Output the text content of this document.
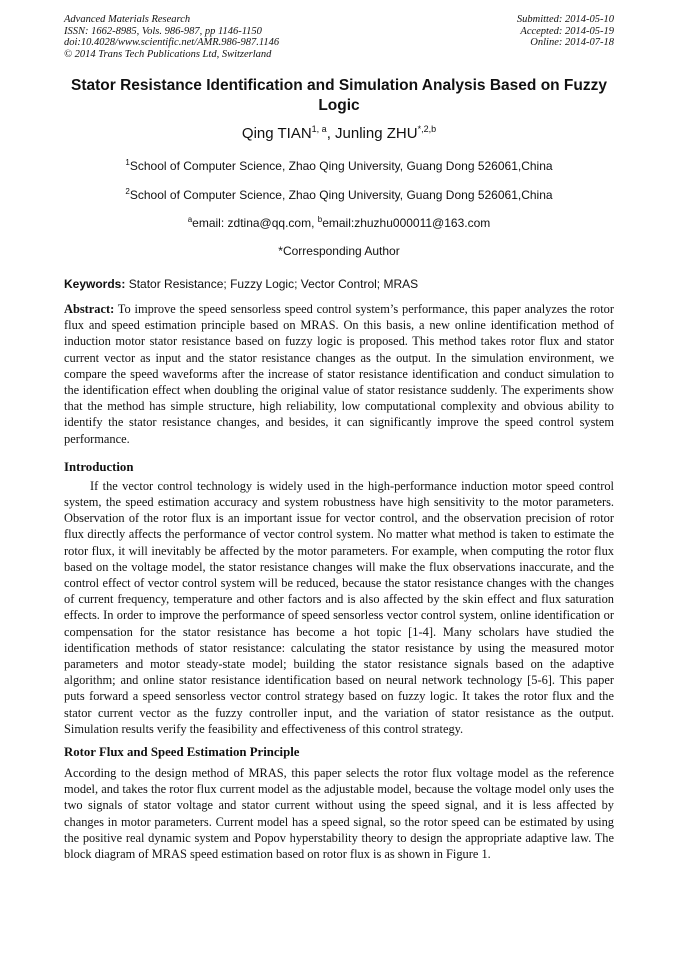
Advanced Materials Research
ISSN: 1662-8985, Vols. 986-987, pp 1146-1150
doi:10.4028/www.scientific.net/AMR.986-987.1146
© 2014 Trans Tech Publications Ltd, Switzerland
Submitted: 2014-05-10
Accepted: 2014-05-19
Online: 2014-07-18
Stator Resistance Identification and Simulation Analysis Based on Fuzzy Logic
Qing TIAN$^{1, a}$, Junling $ZHU^{*,2,b}$
$^1$School of Computer Science, Zhao Qing University, Guang Dong 526061,China
$^2$School of Computer Science, Zhao Qing University, Guang Dong 526061,China
$^a$email: zdtina@qq.com, $^b$email:zhuzhu000011@163.com
*Corresponding Author
Keywords: Stator Resistance; Fuzzy Logic; Vector Control; MRAS
Abstract: To improve the speed sensorless speed control system’s performance, this paper analyzes the rotor flux and speed estimation principle based on MRAS. On this basis, a new online identification method of induction motor stator resistance based on fuzzy logic is proposed. This method takes rotor flux and stator current vector as input and the stator resistance changes as the output. In the simulation environment, we compare the speed waveforms after the increase of stator resistance identification and conduct simulation to the identification effect when doubling the original value of stator resistance suddenly. The experiments show that the method has simple structure, high reliability, low computational complexity and obvious ability to identify the stator resistance changes, and besides, it can significantly improve the speed control system performance.
Introduction
If the vector control technology is widely used in the high-performance induction motor speed control system, the speed estimation accuracy and system robustness have high sensitivity to the motor parameters. Observation of the rotor flux is an important issue for vector control, and the observation precision of rotor flux directly affects the performance of vector control system. No matter what method is taken to estimate the rotor flux, it will inevitably be affected by the motor parameters. For example, when computing the rotor flux based on the voltage model, the stator resistance changes will make the flux observations inaccurate, and the control effect of vector control system will be reduced, because the stator resistance changes with the changes of current frequency, temperature and other factors and is also affected by the skin effect and flux saturation effects. In order to improve the performance of speed sensorless vector control system, online identification or compensation for the stator resistance has become a hot topic [1-4]. Many scholars have studied the identification methods of stator resistance: calculating the stator resistance by using the measured motor parameters and motor steady-state model; building the stator resistance signals based on the adaptive algorithm; and online stator resistance identification based on neural network technology [5-6]. This paper puts forward a speed sensorless vector control strategy based on fuzzy logic. It takes the rotor flux and the stator current vector as the fuzzy controller input, and the variation of stator resistance as the output. Simulation results verify the feasibility and effectiveness of this control strategy.
Rotor Flux and Speed Estimation Principle
According to the design method of MRAS, this paper selects the rotor flux voltage model as the reference model, and takes the rotor flux current model as the adjustable model, because the voltage model only uses the two signals of stator voltage and stator current without using the speed signal, and it is less affected by changes in motor parameters. Current model has a speed signal, so the rotor speed can be estimated by using the positive real dynamic system and Popov hyperstability theory to design the appropriate adaptive law. The block diagram of MRAS speed estimation based on rotor flux is as shown in Figure 1.
